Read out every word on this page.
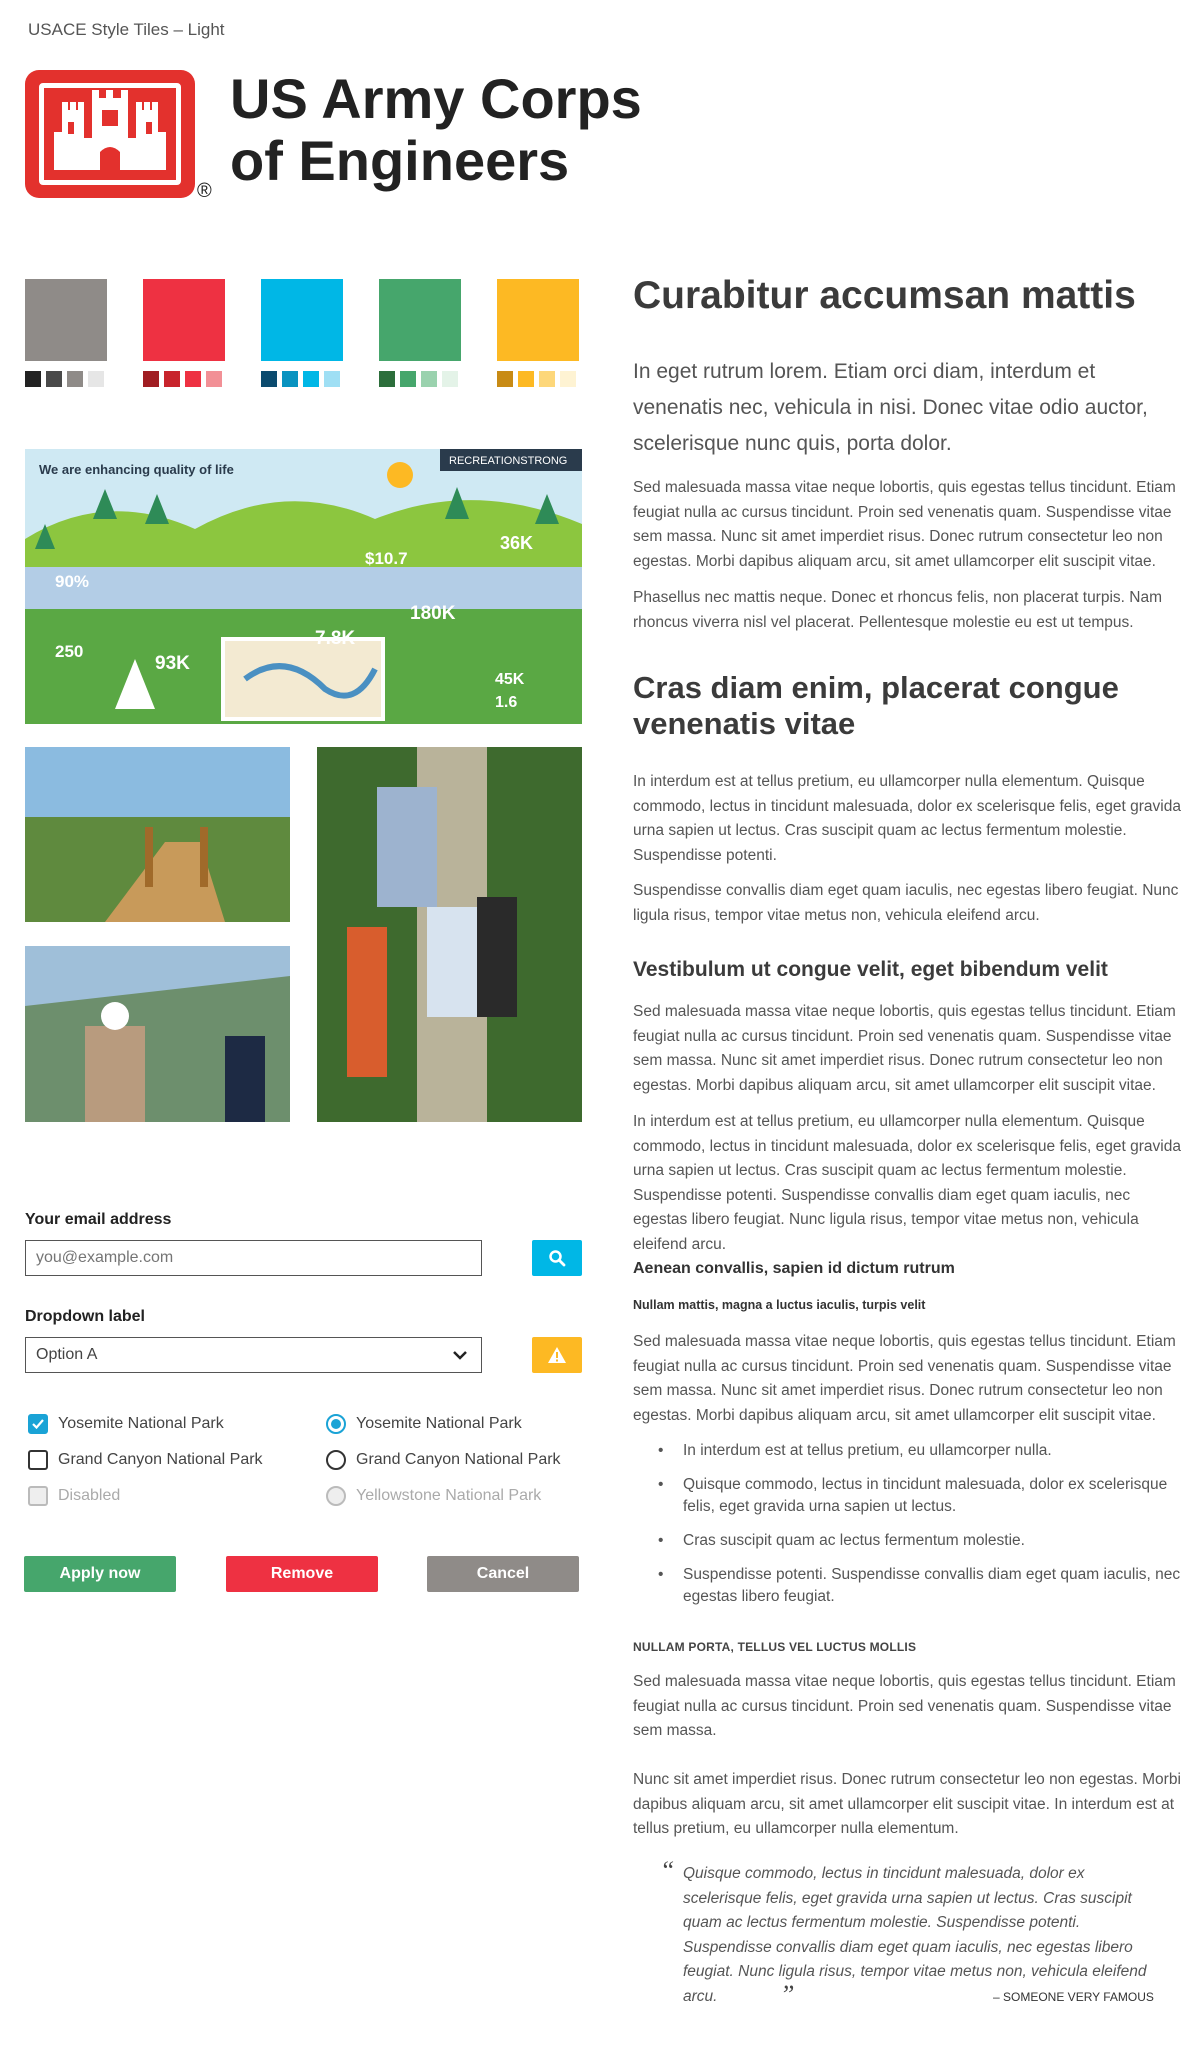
USACE Style Tiles – Light
®
US Army Corps
of Engineers
RECREATIONSTRONG
We are enhancing quality of life
250
93K
7.8K
180K
45K
1.6
90%
$10.7
36K
Your email address
you@example.com
Dropdown label
Option A
Yosemite National Park
Grand Canyon National Park
Disabled
Yosemite National Park
Grand Canyon National Park
Yellowstone National Park
Apply now	Remove	Cancel
Curabitur accumsan mattis

In eget rutrum lorem. Etiam orci diam, interdum et venenatis nec, vehicula in nisi. Donec vitae odio auctor, scelerisque nunc quis, porta dolor.

Sed malesuada massa vitae neque lobortis, quis egestas tellus tincidunt. Etiam feugiat nulla ac cursus tincidunt. Proin sed venenatis quam. Suspendisse vitae sem massa. Nunc sit amet imperdiet risus. Donec rutrum consectetur leo non egestas. Morbi dapibus aliquam arcu, sit amet ullamcorper elit suscipit vitae.

Phasellus nec mattis neque. Donec et rhoncus felis, non placerat turpis. Nam rhoncus viverra nisl vel placerat. Pellentesque molestie eu est ut tempus.

Cras diam enim, placerat congue venenatis vitae

In interdum est at tellus pretium, eu ullamcorper nulla elementum. Quisque commodo, lectus in tincidunt malesuada, dolor ex scelerisque felis, eget gravida urna sapien ut lectus. Cras suscipit quam ac lectus fermentum molestie. Suspendisse potenti.

Suspendisse convallis diam eget quam iaculis, nec egestas libero feugiat. Nunc ligula risus, tempor vitae metus non, vehicula eleifend arcu.

Vestibulum ut congue velit, eget bibendum velit

Sed malesuada massa vitae neque lobortis, quis egestas tellus tincidunt. Etiam feugiat nulla ac cursus tincidunt. Proin sed venenatis quam. Suspendisse vitae sem massa. Nunc sit amet imperdiet risus. Donec rutrum consectetur leo non egestas. Morbi dapibus aliquam arcu, sit amet ullamcorper elit suscipit vitae.

In interdum est at tellus pretium, eu ullamcorper nulla elementum. Quisque commodo, lectus in tincidunt malesuada, dolor ex scelerisque felis, eget gravida urna sapien ut lectus. Cras suscipit quam ac lectus fermentum molestie. Suspendisse potenti. Suspendisse convallis diam eget quam iaculis, nec egestas libero feugiat. Nunc ligula risus, tempor vitae metus non, vehicula eleifend arcu.

Aenean convallis, sapien id dictum rutrum
Nullam mattis, magna a luctus iaculis, turpis velit

Sed malesuada massa vitae neque lobortis, quis egestas tellus tincidunt. Etiam feugiat nulla ac cursus tincidunt. Proin sed venenatis quam. Suspendisse vitae sem massa. Nunc sit amet imperdiet risus. Donec rutrum consectetur leo non egestas. Morbi dapibus aliquam arcu, sit amet ullamcorper elit suscipit vitae.

• In interdum est at tellus pretium, eu ullamcorper nulla.
• Quisque commodo, lectus in tincidunt malesuada, dolor ex scelerisque felis, eget gravida urna sapien ut lectus.
• Cras suscipit quam ac lectus fermentum molestie.
• Suspendisse potenti. Suspendisse convallis diam eget quam iaculis, nec egestas libero feugiat.
NULLAM PORTA, TELLUS VEL LUCTUS MOLLIS

Sed malesuada massa vitae neque lobortis, quis egestas tellus tincidunt. Etiam feugiat nulla ac cursus tincidunt. Proin sed venenatis quam. Suspendisse vitae sem massa.

Nunc sit amet imperdiet risus. Donec rutrum consectetur leo non egestas. Morbi dapibus aliquam arcu, sit amet ullamcorper elit suscipit vitae. In interdum est at tellus pretium, eu ullamcorper nulla elementum.

“ Quisque commodo, lectus in tincidunt malesuada, dolor ex scelerisque felis, eget gravida urna sapien ut lectus. Cras suscipit quam ac lectus fermentum molestie. Suspendisse potenti. Suspendisse convallis diam eget quam iaculis, nec egestas libero feugiat. Nunc ligula risus, tempor vitae metus non, vehicula eleifend arcu.	”	– SOMEONE VERY FAMOUS
